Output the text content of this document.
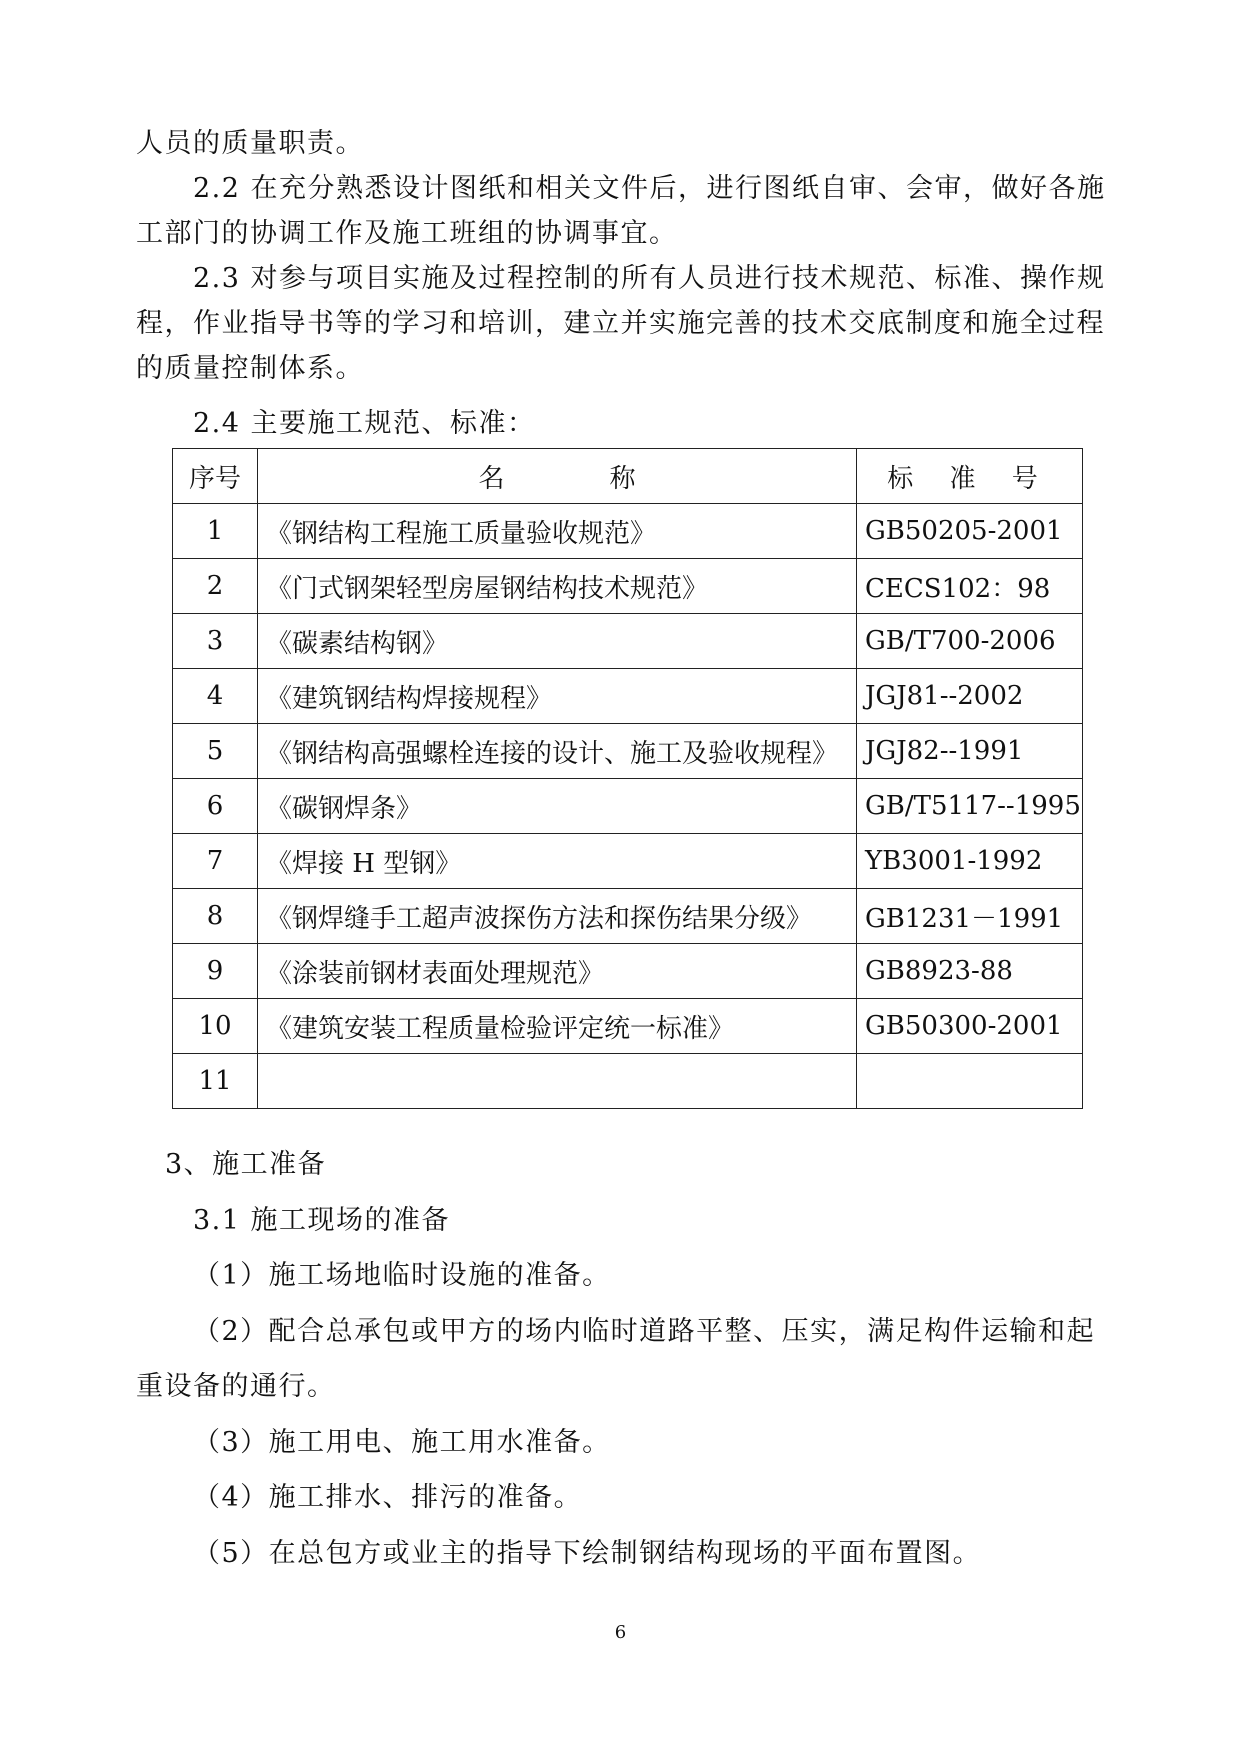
人员的质量职责。
2.2 在充分熟悉设计图纸和相关文件后，进行图纸自审、会审，做好各施
工部门的协调工作及施工班组的协调事宜。
2.3 对参与项目实施及过程控制的所有人员进行技术规范、标准、操作规
程，作业指导书等的学习和培训，建立并实施完善的技术交底制度和施全过程
的质量控制体系。
2.4 主要施工规范、标准：
序号	名 称	标 准 号
1	《钢结构工程施工质量验收规范》	GB50205-2001
2	《门式钢架轻型房屋钢结构技术规范》	CECS102：98
3	《碳素结构钢》	GB/T700-2006
4	《建筑钢结构焊接规程》	JGJ81--2002
5	《钢结构高强螺栓连接的设计、施工及验收规程》	JGJ82--1991
6	《碳钢焊条》	GB/T5117--1995
7	《焊接 H 型钢》	YB3001-1992
8	《钢焊缝手工超声波探伤方法和探伤结果分级》	GB1231－1991
9	《涂装前钢材表面处理规范》	GB8923-88
10	《建筑安装工程质量检验评定统一标准》	GB50300-2001
11		
3、施工准备
3.1 施工现场的准备
（1）施工场地临时设施的准备。
（2）配合总承包或甲方的场内临时道路平整、压实，满足构件运输和起
重设备的通行。
（3）施工用电、施工用水准备。
（4）施工排水、排污的准备。
（5）在总包方或业主的指导下绘制钢结构现场的平面布置图。
6
